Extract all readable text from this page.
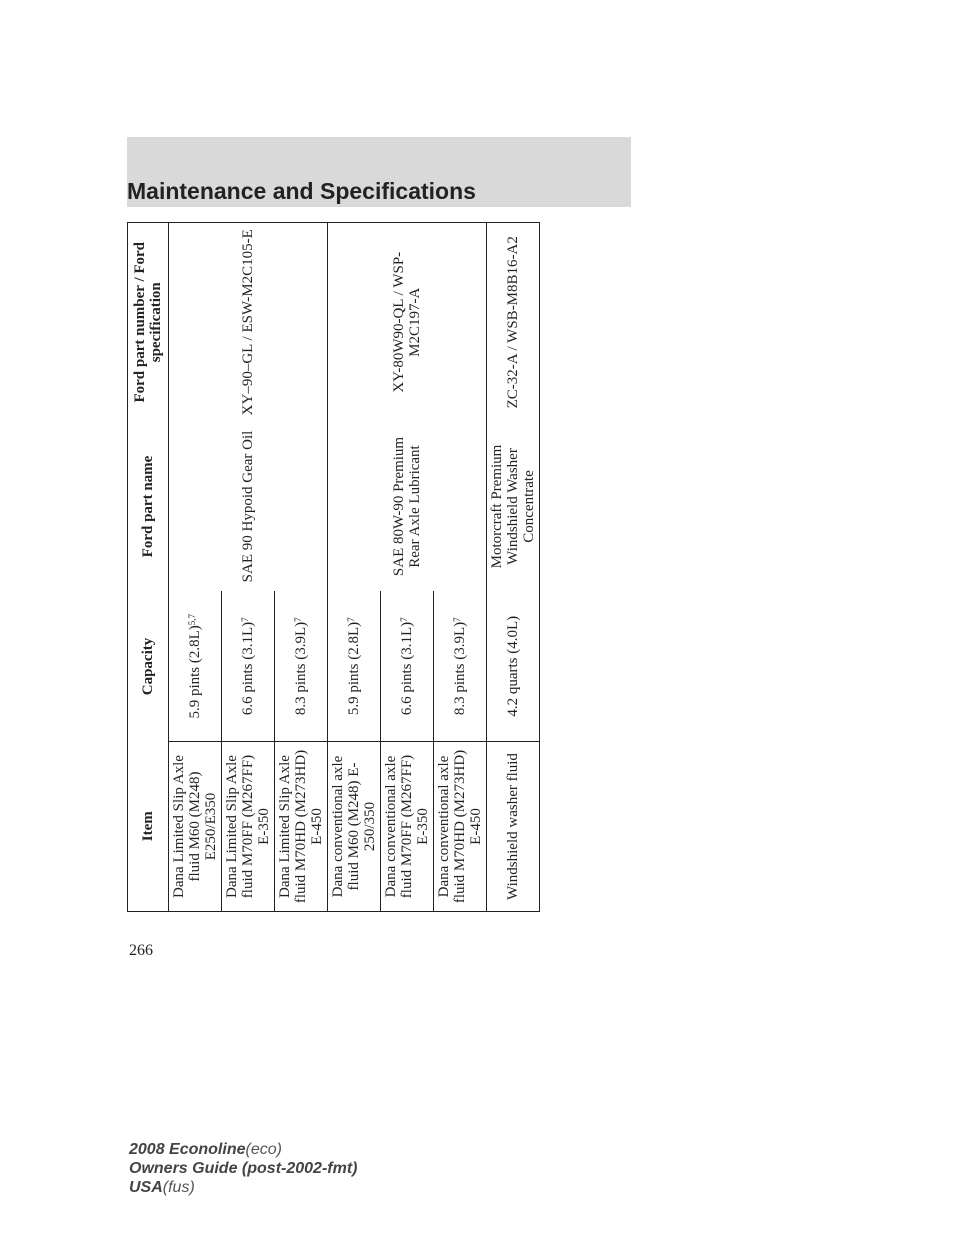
Maintenance and Specifications
Item	Capacity	Ford part name	Ford part number / Ford specification
Dana Limited Slip Axle fluid M60 (M248) E250/E350	5.9 pints $(2.8L)^{5,7}$	SAE 90 Hypoid Gear Oil	XY–90–GL / ESW-M2C105-E
Dana Limited Slip Axle fluid M70FF (M267FF) E-350	6.6 pints $(3.1L)^7$
Dana Limited Slip Axle fluid M70HD (M273HD) E-450	8.3 pints $(3.9L)^7$
Dana conventional axle fluid M60 (M248) E-250/350	5.9 pints $(2.8L)^7$	SAE 80W-90 Premium Rear Axle Lubricant	XY-80W90-QL / WSP-M2C197-A
Dana conventional axle fluid M70FF (M267FF) E-350	6.6 pints $(3.1L)^7$
Dana conventional axle fluid M70HD (M273HD) E-450	8.3 pints $(3.9L)^7$
Windshield washer fluid	4.2 quarts (4.0L)	Motorcraft Premium Windshield Washer Concentrate	ZC-32-A / WSB-M8B16-A2
266
2008 Econoline(eco)
Owners Guide (post-2002-fmt)
USA(fus)
